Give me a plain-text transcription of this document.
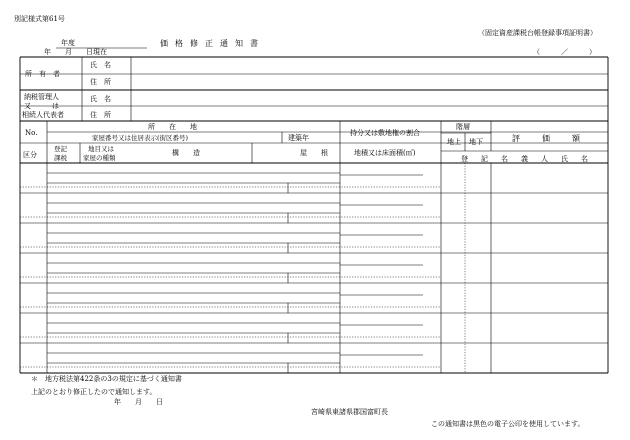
別記様式第61号
（固定資産課税台帳登録事項証明書）
年度
年　　月　　日現在
価格修正通知書
（　　　／　　　）
所　有　者
氏　名
住　所
納税管理人
又　　　は
相続人代表者
氏　名
住　所
No.
所　　在　　地
家屋番号又は住居表示(街区番号)	建築年
持分又は敷地権の割合
階層
地上 地下	評　価　額
区分
登記
課税
地目又は
家屋の種類
構　　造	屋　　根	地積又は床面積(㎡)
登　記　名　義　人　氏　名
＊　地方税法第422条の3の規定に基づく通知書
上記のとおり修正したので通知します。
年　　月　　日
宮崎県東諸県郡国富町長
この通知書は黒色の電子公印を使用しています。
